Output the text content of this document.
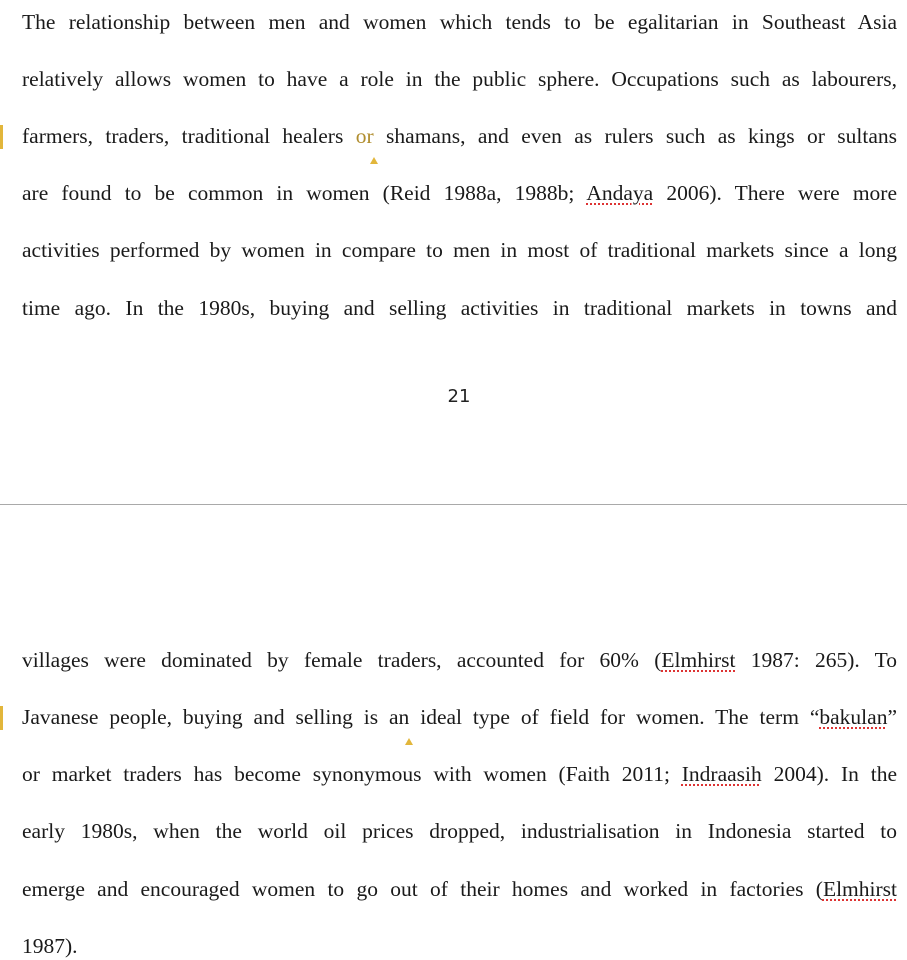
The relationship between men and women which tends to be egalitarian in Southeast Asia
relatively allows women to have a role in the public sphere. Occupations such as labourers,
farmers, traders, traditional healers or shamans, and even as rulers such as kings or sultans
are found to be common in women (Reid 1988a, 1988b; Andaya 2006). There were more
activities performed by women in compare to men in most of traditional markets since a long
time ago. In the 1980s, buying and selling activities in traditional markets in towns and
21
villages were dominated by female traders, accounted for 60% (Elmhirst 1987: 265). To
Javanese people, buying and selling is an ideal type of field for women. The term “bakulan”
or market traders has become synonymous with women (Faith 2011; Indraasih 2004). In the
early 1980s, when the world oil prices dropped, industrialisation in Indonesia started to
emerge and encouraged women to go out of their homes and worked in factories (Elmhirst
1987).
